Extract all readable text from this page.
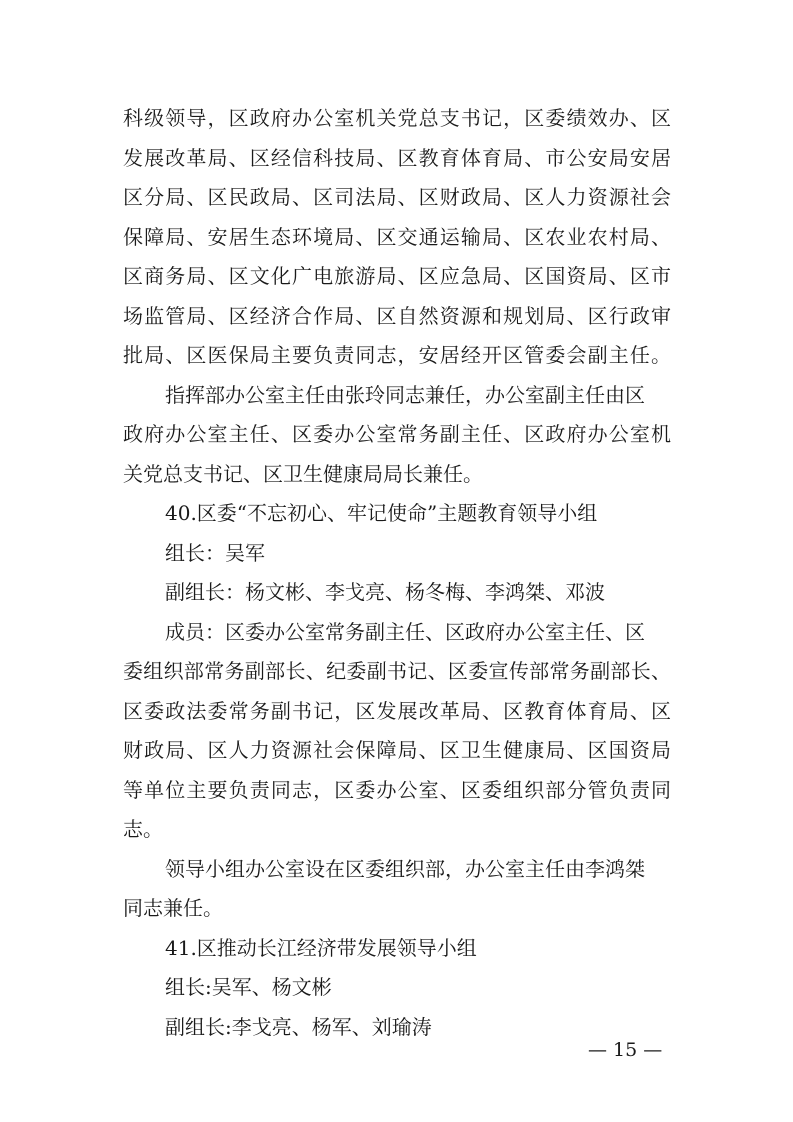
科级领导，区政府办公室机关党总支书记，区委绩效办、区
发展改革局、区经信科技局、区教育体育局、市公安局安居
区分局、区民政局、区司法局、区财政局、区人力资源社会
保障局、安居生态环境局、区交通运输局、区农业农村局、
区商务局、区文化广电旅游局、区应急局、区国资局、区市
场监管局、区经济合作局、区自然资源和规划局、区行政审
批局、区医保局主要负责同志，安居经开区管委会副主任。
指挥部办公室主任由张玲同志兼任，办公室副主任由区
政府办公室主任、区委办公室常务副主任、区政府办公室机
关党总支书记、区卫生健康局局长兼任。
40.区委“不忘初心、牢记使命”主题教育领导小组
组长：吴军
副组长：杨文彬、李戈亮、杨冬梅、李鸿桀、邓波
成员：区委办公室常务副主任、区政府办公室主任、区
委组织部常务副部长、纪委副书记、区委宣传部常务副部长、
区委政法委常务副书记，区发展改革局、区教育体育局、区
财政局、区人力资源社会保障局、区卫生健康局、区国资局
等单位主要负责同志，区委办公室、区委组织部分管负责同
志。
领导小组办公室设在区委组织部，办公室主任由李鸿桀
同志兼任。
41.区推动长江经济带发展领导小组
组长:吴军、杨文彬
副组长:李戈亮、杨军、刘瑜涛
— 15 —
